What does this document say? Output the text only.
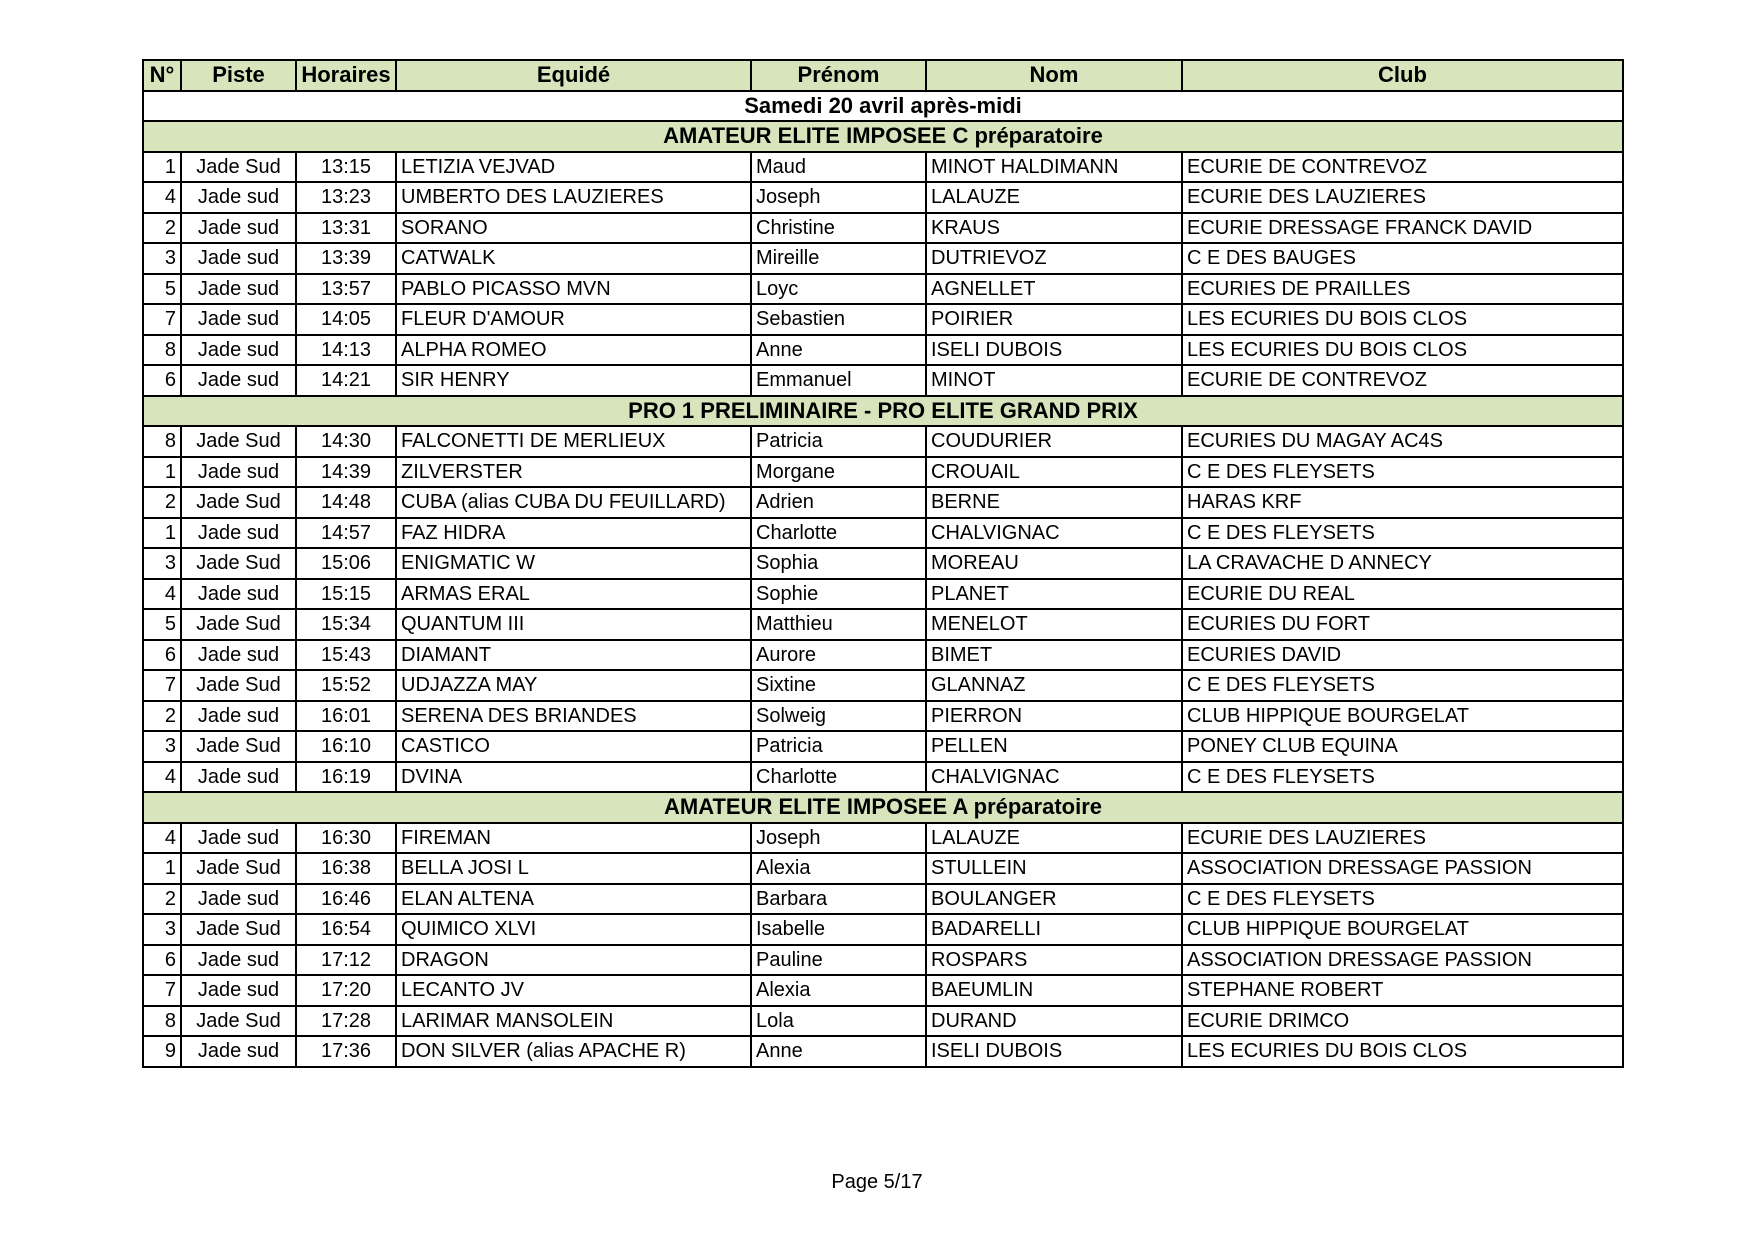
N°	Piste	Horaires	Equidé	Prénom	Nom	Club
Samedi 20 avril après-midi						
AMATEUR ELITE IMPOSEE C préparatoire						
1	Jade Sud	13:15	LETIZIA VEJVAD	Maud	MINOT HALDIMANN	ECURIE DE CONTREVOZ
4	Jade sud	13:23	UMBERTO DES LAUZIERES	Joseph	LALAUZE	ECURIE DES LAUZIERES
2	Jade sud	13:31	SORANO	Christine	KRAUS	ECURIE DRESSAGE FRANCK DAVID
3	Jade sud	13:39	CATWALK	Mireille	DUTRIEVOZ	C E DES BAUGES
5	Jade sud	13:57	PABLO PICASSO MVN	Loyc	AGNELLET	ECURIES DE PRAILLES
7	Jade sud	14:05	FLEUR D'AMOUR	Sebastien	POIRIER	LES ECURIES DU BOIS CLOS
8	Jade sud	14:13	ALPHA ROMEO	Anne	ISELI DUBOIS	LES ECURIES DU BOIS CLOS
6	Jade sud	14:21	SIR HENRY	Emmanuel	MINOT	ECURIE DE CONTREVOZ
PRO 1 PRELIMINAIRE - PRO ELITE GRAND PRIX						
8	Jade Sud	14:30	FALCONETTI DE MERLIEUX	Patricia	COUDURIER	ECURIES DU MAGAY AC4S
1	Jade sud	14:39	ZILVERSTER	Morgane	CROUAIL	C E DES FLEYSETS
2	Jade Sud	14:48	CUBA (alias CUBA DU FEUILLARD)	Adrien	BERNE	HARAS KRF
1	Jade sud	14:57	FAZ HIDRA	Charlotte	CHALVIGNAC	C E DES FLEYSETS
3	Jade Sud	15:06	ENIGMATIC W	Sophia	MOREAU	LA CRAVACHE D ANNECY
4	Jade sud	15:15	ARMAS ERAL	Sophie	PLANET	ECURIE DU REAL
5	Jade Sud	15:34	QUANTUM III	Matthieu	MENELOT	ECURIES DU FORT
6	Jade sud	15:43	DIAMANT	Aurore	BIMET	ECURIES DAVID
7	Jade Sud	15:52	UDJAZZA MAY	Sixtine	GLANNAZ	C E DES FLEYSETS
2	Jade sud	16:01	SERENA DES BRIANDES	Solweig	PIERRON	CLUB HIPPIQUE BOURGELAT
3	Jade Sud	16:10	CASTICO	Patricia	PELLEN	PONEY CLUB EQUINA
4	Jade sud	16:19	DVINA	Charlotte	CHALVIGNAC	C E DES FLEYSETS
AMATEUR ELITE IMPOSEE A préparatoire						
4	Jade sud	16:30	FIREMAN	Joseph	LALAUZE	ECURIE DES LAUZIERES
1	Jade Sud	16:38	BELLA JOSI L	Alexia	STULLEIN	ASSOCIATION DRESSAGE PASSION
2	Jade sud	16:46	ELAN ALTENA	Barbara	BOULANGER	C E DES FLEYSETS
3	Jade Sud	16:54	QUIMICO XLVI	Isabelle	BADARELLI	CLUB HIPPIQUE BOURGELAT
6	Jade sud	17:12	DRAGON	Pauline	ROSPARS	ASSOCIATION DRESSAGE PASSION
7	Jade sud	17:20	LECANTO JV	Alexia	BAEUMLIN	STEPHANE ROBERT
8	Jade Sud	17:28	LARIMAR MANSOLEIN	Lola	DURAND	ECURIE DRIMCO
9	Jade sud	17:36	DON SILVER (alias APACHE R)	Anne	ISELI DUBOIS	LES ECURIES DU BOIS CLOS
Page 5/17
